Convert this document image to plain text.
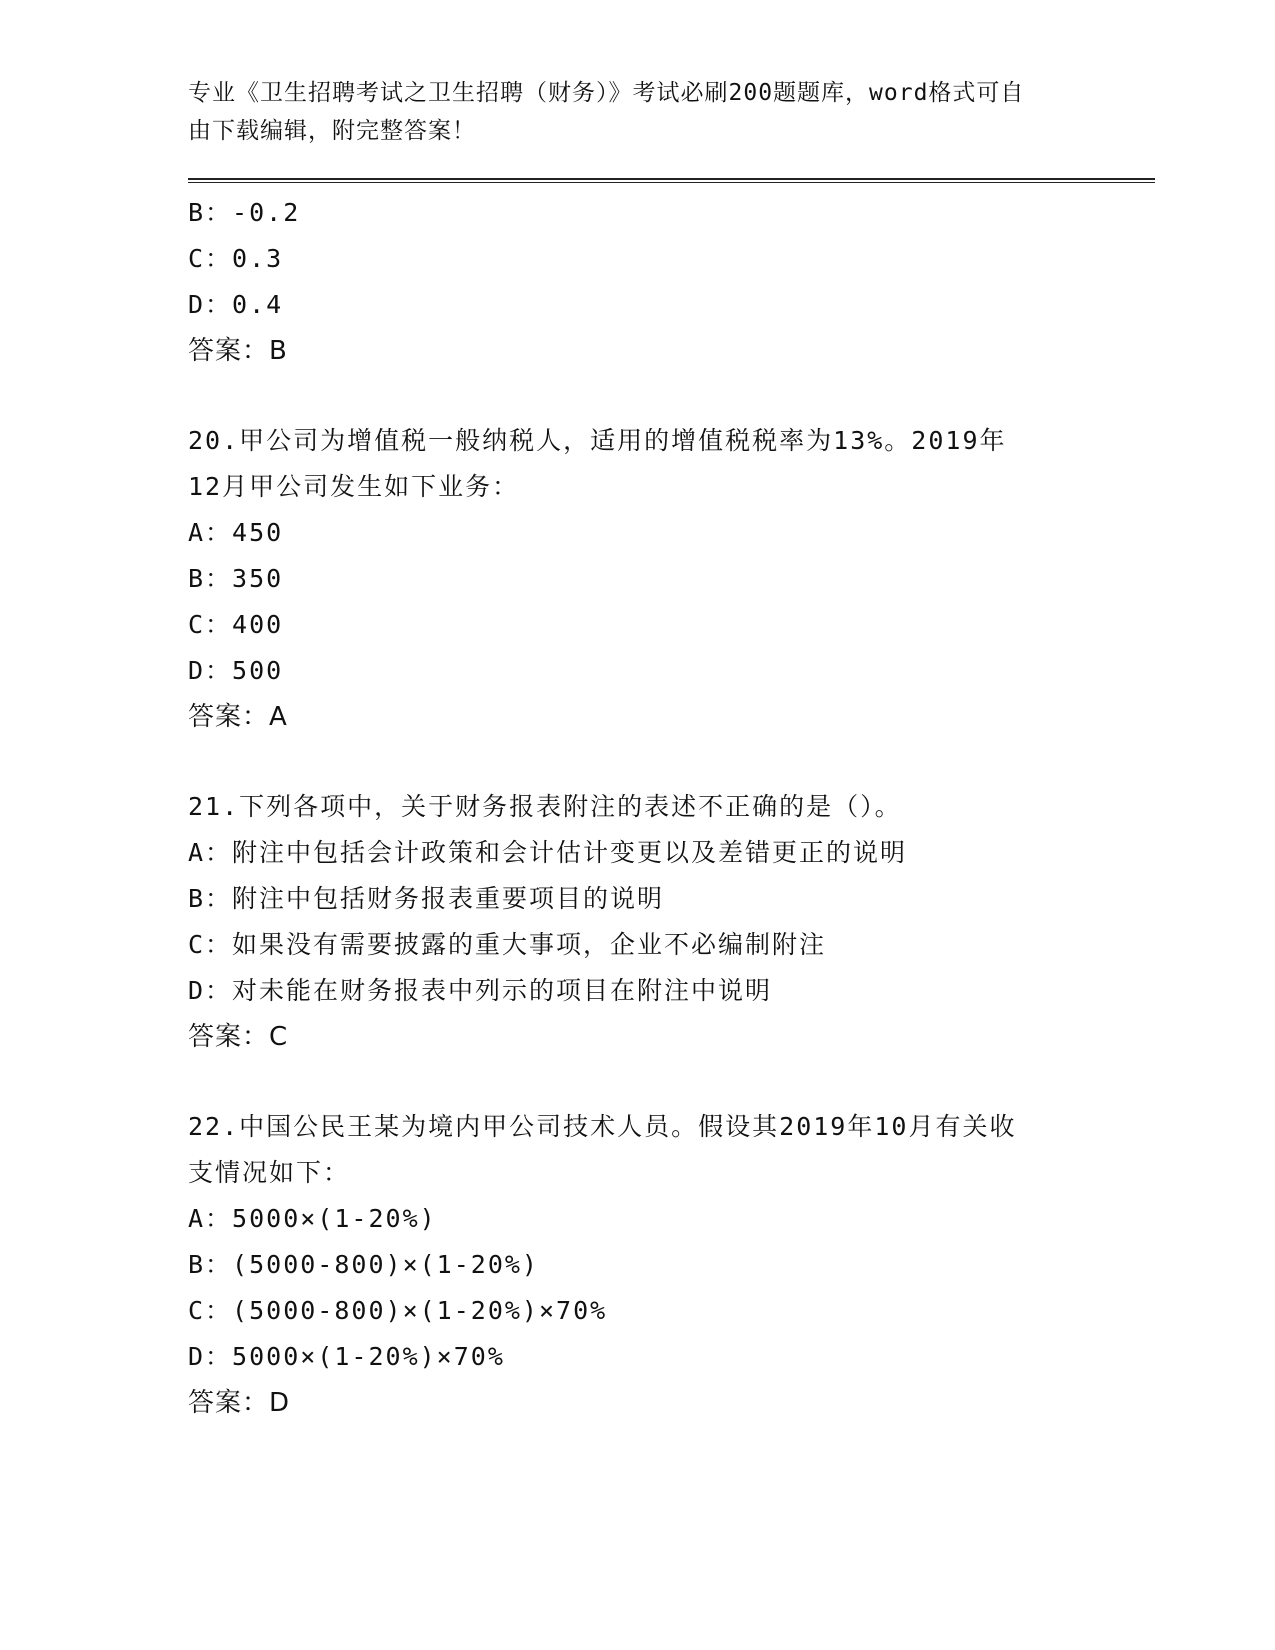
专业《卫生招聘考试之卫生招聘（财务）》考试必刷200题题库，word格式可自
由下载编辑，附完整答案！
B：-0.2
C：0.3
D：0.4
答案：B
20.甲公司为增值税一般纳税人，适用的增值税税率为13%。2019年
12月甲公司发生如下业务：
A：450
B：350
C：400
D：500
答案：A
21.下列各项中，关于财务报表附注的表述不正确的是（）。
A：附注中包括会计政策和会计估计变更以及差错更正的说明
B：附注中包括财务报表重要项目的说明
C：如果没有需要披露的重大事项，企业不必编制附注
D：对未能在财务报表中列示的项目在附注中说明
答案：C
22.中国公民王某为境内甲公司技术人员。假设其2019年10月有关收
支情况如下：
A：5000×(1-20%)
B：(5000-800)×(1-20%)
C：(5000-800)×(1-20%)×70%
D：5000×(1-20%)×70%
答案：D
